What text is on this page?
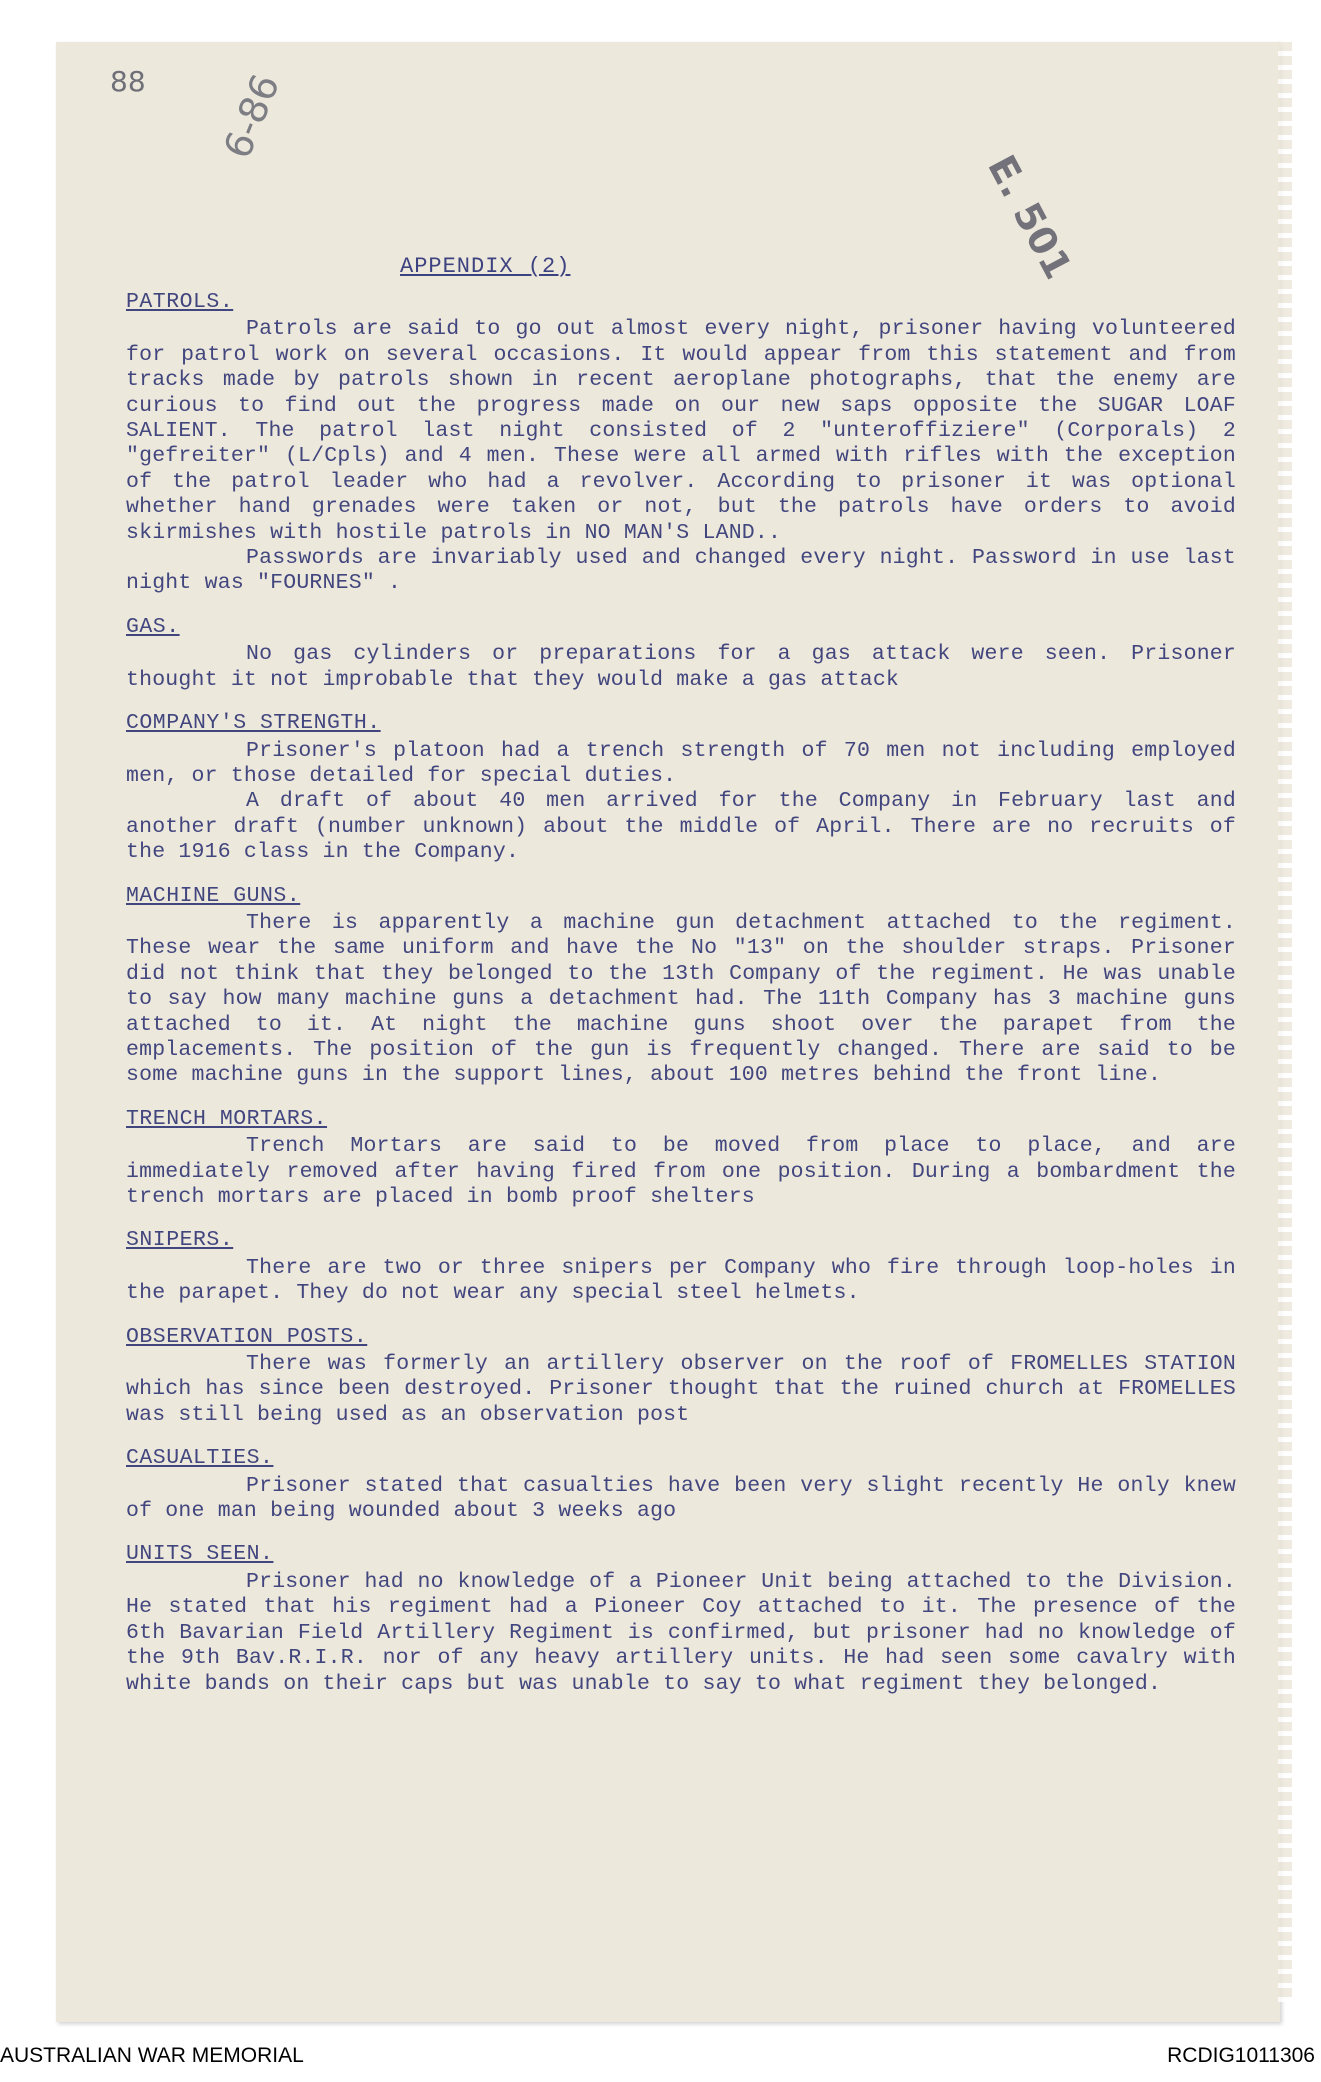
88 6-86
E. 501
APPENDIX (2)
PATROLS.

Patrols are said to go out almost every night, prisoner having volunteered for patrol work on several occasions. It would appear from this statement and from tracks made by patrols shown in recent aeroplane photographs, that the enemy are curious to find out the progress made on our new saps opposite the SUGAR LOAF SALIENT. The patrol last night consisted of 2 "unteroffiziere" (Corporals) 2 "gefreiter" (L/Cpls) and 4 men. These were all armed with rifles with the exception of the patrol leader who had a revolver. According to prisoner it was optional whether hand grenades were taken or not, but the patrols have orders to avoid skirmishes with hostile patrols in NO MAN'S LAND..

Passwords are invariably used and changed every night. Password in use last night was "FOURNES" .

GAS.

No gas cylinders or preparations for a gas attack were seen. Prisoner thought it not improbable that they would make a gas attack

COMPANY'S STRENGTH.

Prisoner's platoon had a trench strength of 70 men not including employed men, or those detailed for special duties.

A draft of about 40 men arrived for the Company in February last and another draft (number unknown) about the middle of April. There are no recruits of the 1916 class in the Company.

MACHINE GUNS.

There is apparently a machine gun detachment attached to the regiment. These wear the same uniform and have the No "13" on the shoulder straps. Prisoner did not think that they belonged to the 13th Company of the regiment. He was unable to say how many machine guns a detachment had. The 11th Company has 3 machine guns attached to it. At night the machine guns shoot over the parapet from the emplacements. The position of the gun is frequently changed. There are said to be some machine guns in the support lines, about 100 metres behind the front line.

TRENCH MORTARS.

Trench Mortars are said to be moved from place to place, and are immediately removed after having fired from one position. During a bombardment the trench mortars are placed in bomb proof shelters

SNIPERS.

There are two or three snipers per Company who fire through loop-holes in the parapet. They do not wear any special steel helmets.

OBSERVATION POSTS.

There was formerly an artillery observer on the roof of FROMELLES STATION which has since been destroyed. Prisoner thought that the ruined church at FROMELLES was still being used as an observation post

CASUALTIES.

Prisoner stated that casualties have been very slight recently He only knew of one man being wounded about 3 weeks ago

UNITS SEEN.

Prisoner had no knowledge of a Pioneer Unit being attached to the Division. He stated that his regiment had a Pioneer Coy attached to it. The presence of the 6th Bavarian Field Artillery Regiment is confirmed, but prisoner had no knowledge of the 9th Bav.R.I.R. nor of any heavy artillery units. He had seen some cavalry with white bands on their caps but was unable to say to what regiment they belonged.

AUSTRALIAN WAR MEMORIAL	RCDIG1011306
